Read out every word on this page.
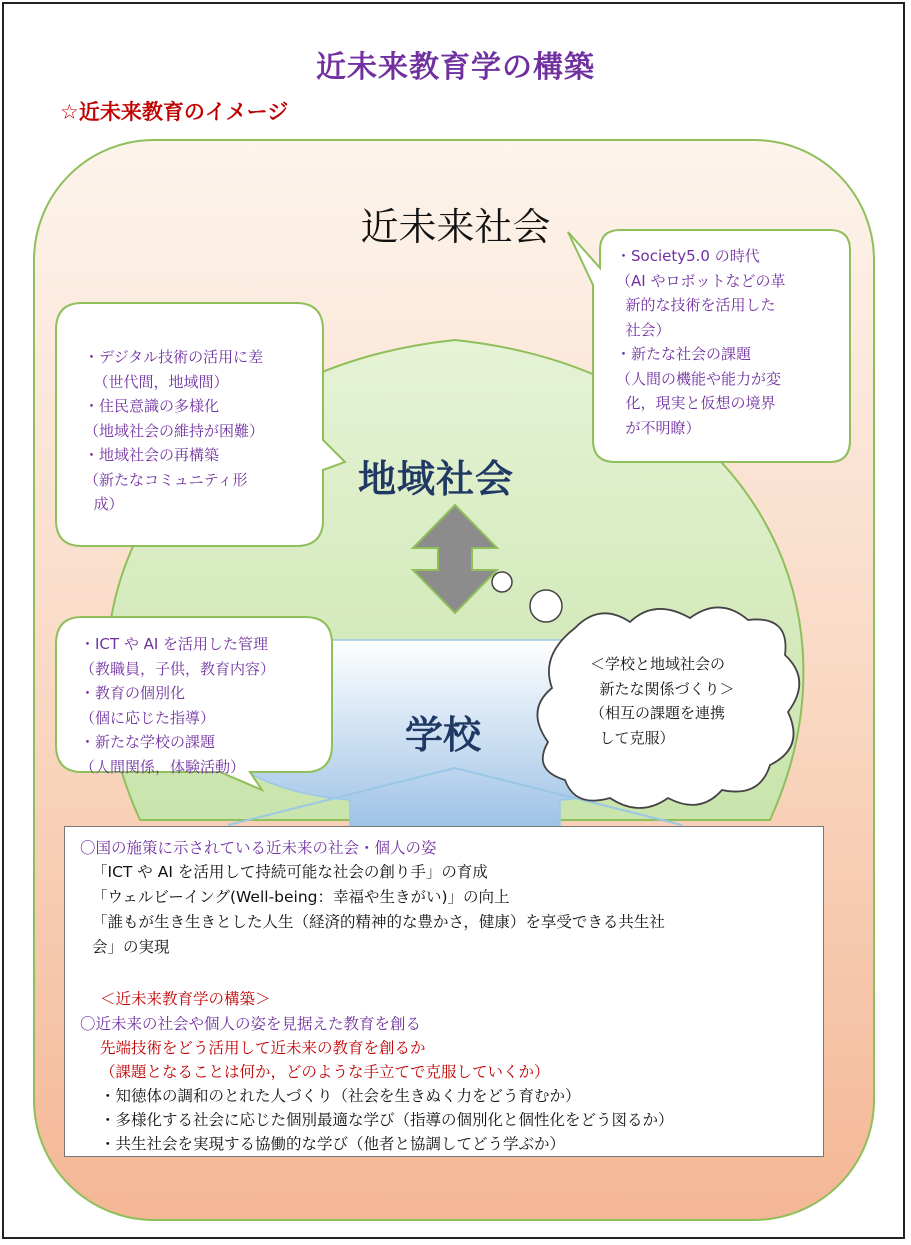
近未来教育学の構築
☆近未来教育のイメージ
近未来社会
地域社会
学校
・Society5.0 の時代
（AI やロボットなどの革
新的な技術を活用した
社会）
・新たな社会の課題
（人間の機能や能力が変
化，現実と仮想の境界
が不明瞭）
・デジタル技術の活用に差
（世代間，地域間）
・住民意識の多様化
（地域社会の維持が困難）
・地域社会の再構築
（新たなコミュニティ形
成）
・ICT や AI を活用した管理
（教職員，子供，教育内容）
・教育の個別化
（個に応じた指導）
・新たな学校の課題
（人間関係，体験活動）
＜学校と地域社会の
新たな関係づくり＞
（相互の課題を連携
して克服）
〇国の施策に示されている近未来の社会・個人の姿
「ICT や AI を活用して持続可能な社会の創り手」の育成
「ウェルビーイング(Well-being：幸福や生きがい)」の向上
「誰もが生き生きとした人生（経済的精神的な豊かさ，健康）を享受できる共生社
会」の実現
＜近未来教育学の構築＞
〇近未来の社会や個人の姿を見据えた教育を創る
先端技術をどう活用して近未来の教育を創るか
（課題となることは何か，どのような手立てで克服していくか）
・知徳体の調和のとれた人づくり（社会を生きぬく力をどう育むか）
・多様化する社会に応じた個別最適な学び（指導の個別化と個性化をどう図るか）
・共生社会を実現する協働的な学び（他者と協調してどう学ぶか）
